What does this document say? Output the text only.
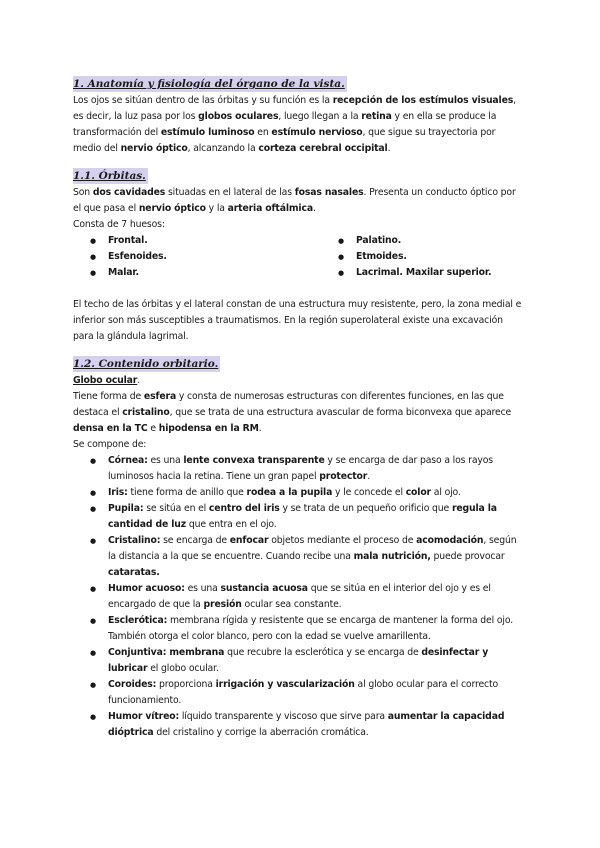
1. Anatomía y fisiología del órgano de la vista.

Los ojos se sitúan dentro de las órbitas y su función es la recepción de los estímulos visuales, es decir, la luz pasa por los globos oculares, luego llegan a la retina y en ella se produce la transformación del estímulo luminoso en estímulo nervioso, que sigue su trayectoria por medio del nervio óptico, alcanzando la corteza cerebral occipital.

1.1. Órbitas.

Son dos cavidades situadas en el lateral de las fosas nasales. Presenta un conducto óptico por el que pasa el nervio óptico y la arteria oftálmica.

Consta de 7 huesos:

● Frontal.	● Palatino.
● Esfenoides.	● Etmoides.
● Malar.	● Lacrimal. Maxilar superior.

El techo de las órbitas y el lateral constan de una estructura muy resistente, pero, la zona medial e inferior son más susceptibles a traumatismos. En la región superolateral existe una excavación para la glándula lagrimal.

1.2. Contenido orbitario.

Globo ocular.

Tiene forma de esfera y consta de numerosas estructuras con diferentes funciones, en las que destaca el cristalino, que se trata de una estructura avascular de forma biconvexa que aparece densa en la TC e hipodensa en la RM.

Se compone de:

● Córnea: es una lente convexa transparente y se encarga de dar paso a los rayos luminosos hacia la retina. Tiene un gran papel protector.
● Iris: tiene forma de anillo que rodea a la pupila y le concede el color al ojo.
● Pupila: se sitúa en el centro del iris y se trata de un pequeño orificio que regula la cantidad de luz que entra en el ojo.
● Cristalino: se encarga de enfocar objetos mediante el proceso de acomodación, según la distancia a la que se encuentre. Cuando recibe una mala nutrición, puede provocar cataratas.
● Humor acuoso: es una sustancia acuosa que se sitúa en el interior del ojo y es el encargado de que la presión ocular sea constante.
● Esclerótica: membrana rígida y resistente que se encarga de mantener la forma del ojo. También otorga el color blanco, pero con la edad se vuelve amarillenta.
● Conjuntiva: membrana que recubre la esclerótica y se encarga de desinfectar y lubricar el globo ocular.
● Coroides: proporciona irrigación y vascularización al globo ocular para el correcto funcionamiento.
● Humor vítreo: líquido transparente y viscoso que sirve para aumentar la capacidad dióptrica del cristalino y corrige la aberración cromática.
